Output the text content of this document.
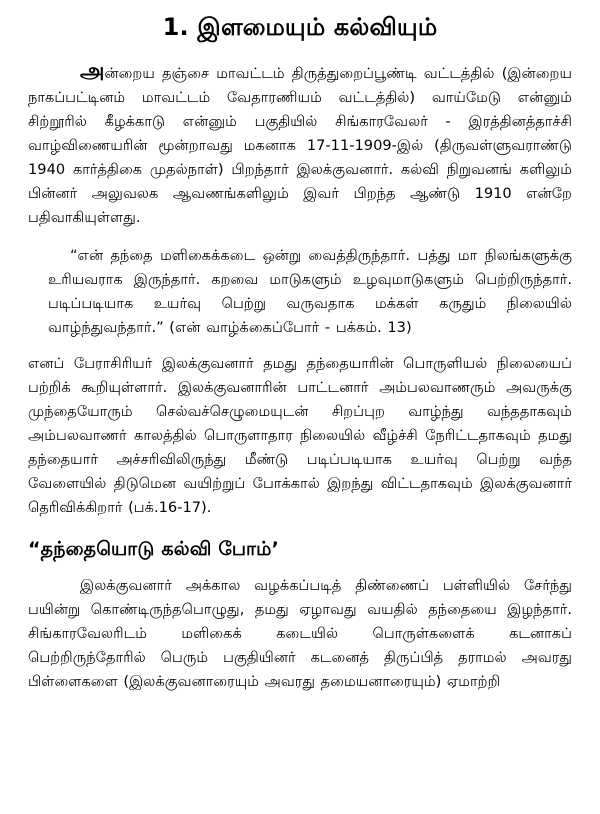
1. இளமையும் கல்வியும்

அன்றைய தஞ்சை மாவட்டம் திருத்துறைப்பூண்டி வட்டத்தில் (இன்றைய நாகப்பட்டினம் மாவட்டம் வேதாரணியம் வட்டத்தில்) வாய்மேடு என்னும் சிற்றூரில் கீழக்காடு என்னும் பகுதியில் சிங்காரவேலர் - இரத்தினத்தாச்சி வாழ்விணையரின் மூன்றாவது மகனாக 17-11-1909-இல் (திருவள்ளுவராண்டு 1940 கார்த்திகை முதல்நாள்) பிறந்தார் இலக்குவனார். கல்வி நிறுவனங் களிலும் பின்னர் அலுவலக ஆவணங்களிலும் இவர் பிறந்த ஆண்டு 1910 என்றே பதிவாகியுள்ளது.

“என் தந்தை மளிகைக்கடை ஒன்று வைத்திருந்தார். பத்து மா நிலங்களுக்கு உரியவராக இருந்தார். கறவை மாடுகளும் உழவுமாடுகளும் பெற்றிருந்தார். படிப்படியாக உயர்வு பெற்று வருவதாக மக்கள் கருதும் நிலையில் வாழ்ந்துவந்தார்.” (என் வாழ்க்கைப்போர் - பக்கம். 13)

எனப் பேராசிரியர் இலக்குவனார் தமது தந்தையாரின் பொருளியல் நிலையைப் பற்றிக் கூறியுள்ளார். இலக்குவனாரின் பாட்டனார் அம்பலவாணரும் அவருக்கு முந்தையோரும் செல்வச்செழுமையுடன் சிறப்புற வாழ்ந்து வந்ததாகவும் அம்பலவாணர் காலத்தில் பொருளாதார நிலையில் வீழ்ச்சி நேரிட்டதாகவும் தமது தந்தையார் அச்சரிவிலிருந்து மீண்டு படிப்படியாக உயர்வு பெற்று வந்த வேளையில் திடுமென வயிற்றுப் போக்கால் இறந்து விட்டதாகவும் இலக்குவனார் தெரிவிக்கிறார் (பக்.16-17).

“தந்தையொடு கல்வி போம்’

இலக்குவனார் அக்கால வழக்கப்படித் திண்ணைப் பள்ளியில் சேர்ந்து பயின்று கொண்டிருந்தபொழுது, தமது ஏழாவது வயதில் தந்தையை இழந்தார். சிங்காரவேலரிடம் மளிகைக் கடையில் பொருள்களைக் கடனாகப் பெற்றிருந்தோரில் பெரும் பகுதியினர் கடனைத் திருப்பித் தராமல் அவரது பிள்ளைகளை (இலக்குவனாரையும் அவரது தமையனாரையும்) ஏமாற்றி
